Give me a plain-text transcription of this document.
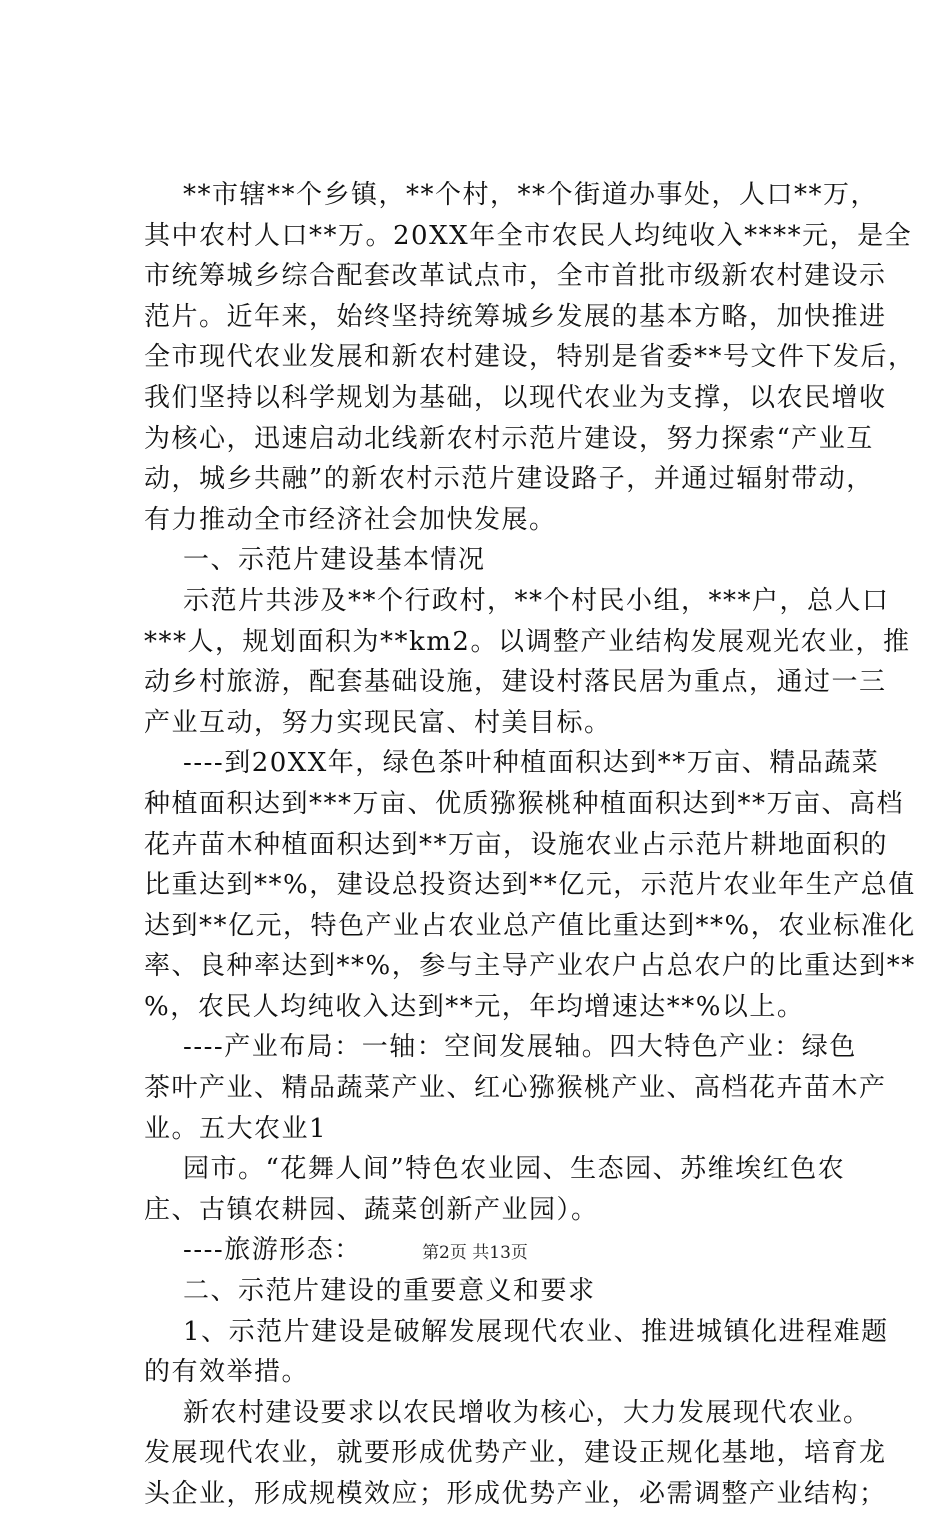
**市辖**个乡镇，**个村，**个街道办事处，人口**万，
其中农村人口**万。20XX年全市农民人均纯收入****元，是全
市统筹城乡综合配套改革试点市，全市首批市级新农村建设示
范片。近年来，始终坚持统筹城乡发展的基本方略，加快推进
全市现代农业发展和新农村建设，特别是省委**号文件下发后，
我们坚持以科学规划为基础，以现代农业为支撑，以农民增收
为核心，迅速启动北线新农村示范片建设，努力探索“产业互
动，城乡共融”的新农村示范片建设路子，并通过辐射带动，
有力推动全市经济社会加快发展。
一、示范片建设基本情况
示范片共涉及**个行政村，**个村民小组，***户，总人口
***人，规划面积为**km2。以调整产业结构发展观光农业，推
动乡村旅游，配套基础设施，建设村落民居为重点，通过一三
产业互动，努力实现民富、村美目标。
----到20XX年，绿色茶叶种植面积达到**万亩、精品蔬菜
种植面积达到***万亩、优质猕猴桃种植面积达到**万亩、高档
花卉苗木种植面积达到**万亩，设施农业占示范片耕地面积的
比重达到**%，建设总投资达到**亿元，示范片农业年生产总值
达到**亿元，特色产业占农业总产值比重达到**%，农业标准化
率、良种率达到**%，参与主导产业农户占总农户的比重达到**
%，农民人均纯收入达到**元，年均增速达**%以上。
----产业布局：一轴：空间发展轴。四大特色产业：绿色
茶叶产业、精品蔬菜产业、红心猕猴桃产业、高档花卉苗木产
业。五大农业1
园市。“花舞人间”特色农业园、生态园、苏维埃红色农
庄、古镇农耕园、蔬菜创新产业园）。
----旅游形态：
二、示范片建设的重要意义和要求
1、示范片建设是破解发展现代农业、推进城镇化进程难题
的有效举措。
新农村建设要求以农民增收为核心，大力发展现代农业。
发展现代农业，就要形成优势产业，建设正规化基地，培育龙
头企业，形成规模效应；形成优势产业，必需调整产业结构；
第2页 共13页
